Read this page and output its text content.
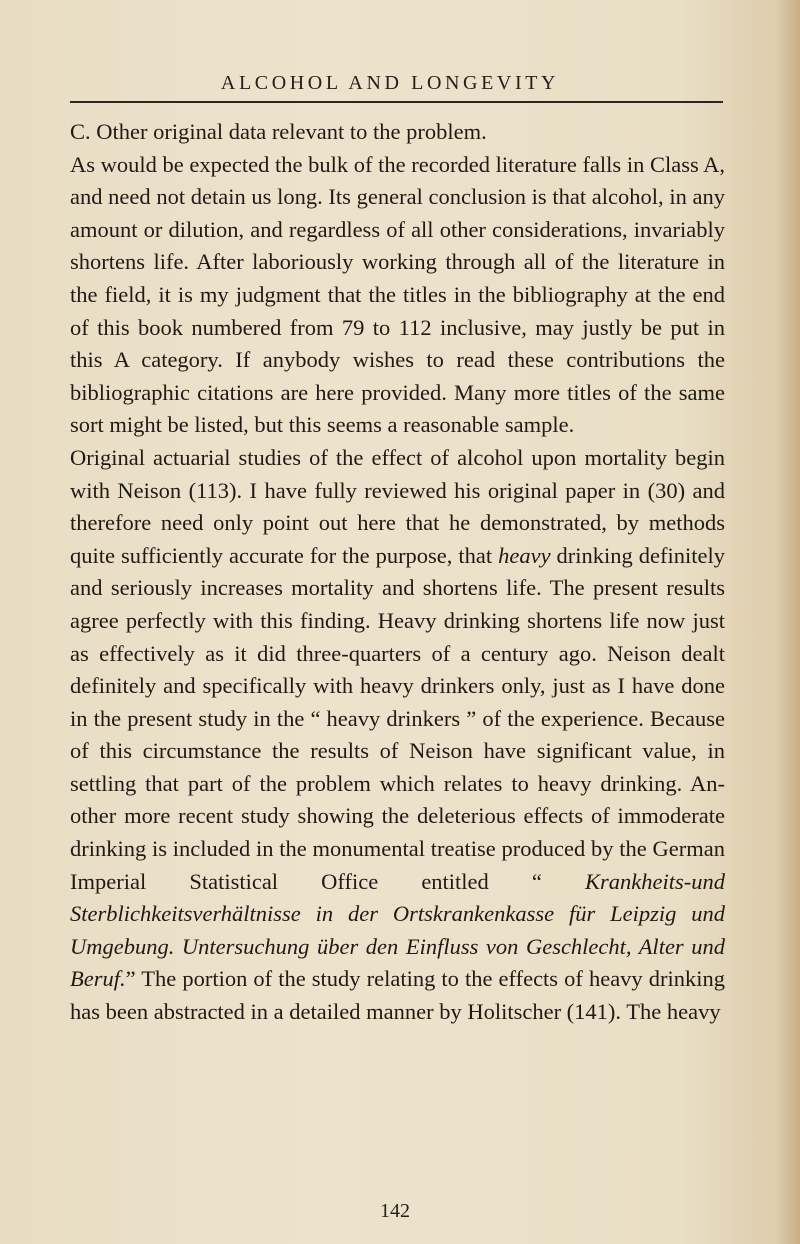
ALCOHOL AND LONGEVITY

C. Other original data relevant to the problem.

As would be expected the bulk of the recorded literature falls in Class A, and need not detain us long. Its general conclusion is that alcohol, in any amount or dilution, and regardless of all other considerations, invariably shortens life. After laboriously working through all of the literature in the field, it is my judgment that the titles in the bibliography at the end of this book numbered from 79 to 112 inclusive, may justly be put in this A category. If anybody wishes to read these contributions the bibliographic citations are here provided. Many more titles of the same sort might be listed, but this seems a reasonable sample.

Original actuarial studies of the effect of alcohol upon mortality begin with Neison (113). I have fully reviewed his original paper in (30) and therefore need only point out here that he demonstrated, by methods quite sufficiently accurate for the purpose, that heavy drinking definitely and seriously increases mortality and shortens life. The present results agree perfectly with this finding. Heavy drinking shortens life now just as effectively as it did three-quarters of a century ago. Neison dealt definitely and specifically with heavy drinkers only, just as I have done in the present study in the “ heavy drinkers ” of the experience. Because of this circumstance the results of Neison have significant value, in settling that part of the problem which relates to heavy drinking. Another more recent study showing the deleterious effects of immoderate drinking is included in the monumental treatise produced by the German Imperial Statistical Office entitled “ Krankheits-und Sterblichkeitsverhältnisse in der Ortskrankenkasse für Leipzig und Umgebung. Untersuchung über den Einfluss von Geschlecht, Alter und Beruf.” The portion of the study relating to the effects of heavy drinking has been abstracted in a detailed manner by Holitscher (141). The heavy

142
